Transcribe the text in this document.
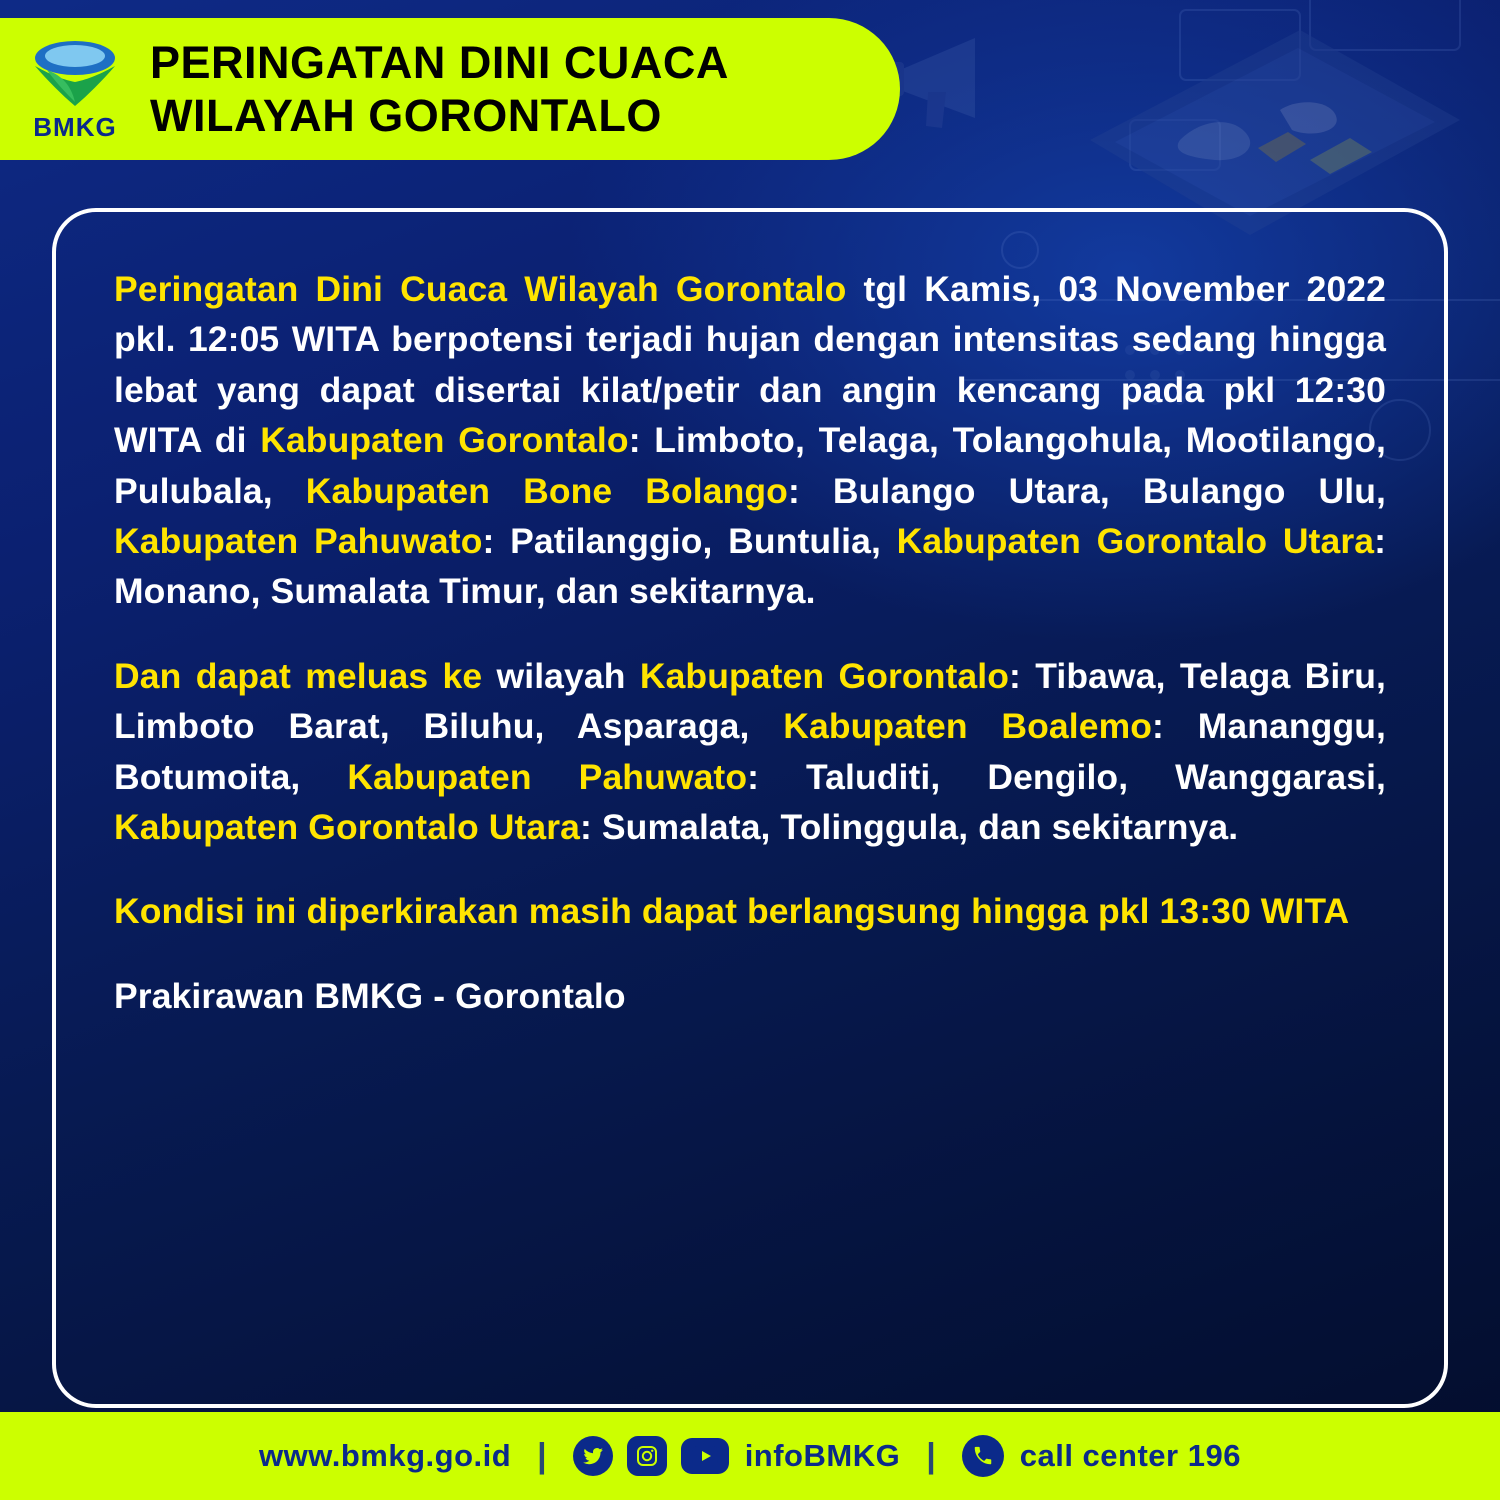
BMKG
PERINGATAN DINI CUACA
WILAYAH GORONTALO

Peringatan Dini Cuaca Wilayah Gorontalo tgl Kamis, 03 November 2022 pkl. 12:05 WITA berpotensi terjadi hujan dengan intensitas sedang hingga lebat yang dapat disertai kilat/petir dan angin kencang pada pkl 12:30 WITA di Kabupaten Gorontalo: Limboto, Telaga, Tolangohula, Mootilango, Pulubala, Kabupaten Bone Bolango: Bulango Utara, Bulango Ulu, Kabupaten Pahuwato: Patilanggio, Buntulia, Kabupaten Gorontalo Utara: Monano, Sumalata Timur, dan sekitarnya.

Dan dapat meluas ke wilayah Kabupaten Gorontalo: Tibawa, Telaga Biru, Limboto Barat, Biluhu, Asparaga, Kabupaten Boalemo: Mananggu, Botumoita, Kabupaten Pahuwato: Taluditi, Dengilo, Wanggarasi, Kabupaten Gorontalo Utara: Sumalata, Tolinggula, dan sekitarnya.

Kondisi ini diperkirakan masih dapat berlangsung hingga pkl 13:30 WITA

Prakirawan BMKG - Gorontalo

www.bmkg.go.id |	infoBMKG |	call center 196
